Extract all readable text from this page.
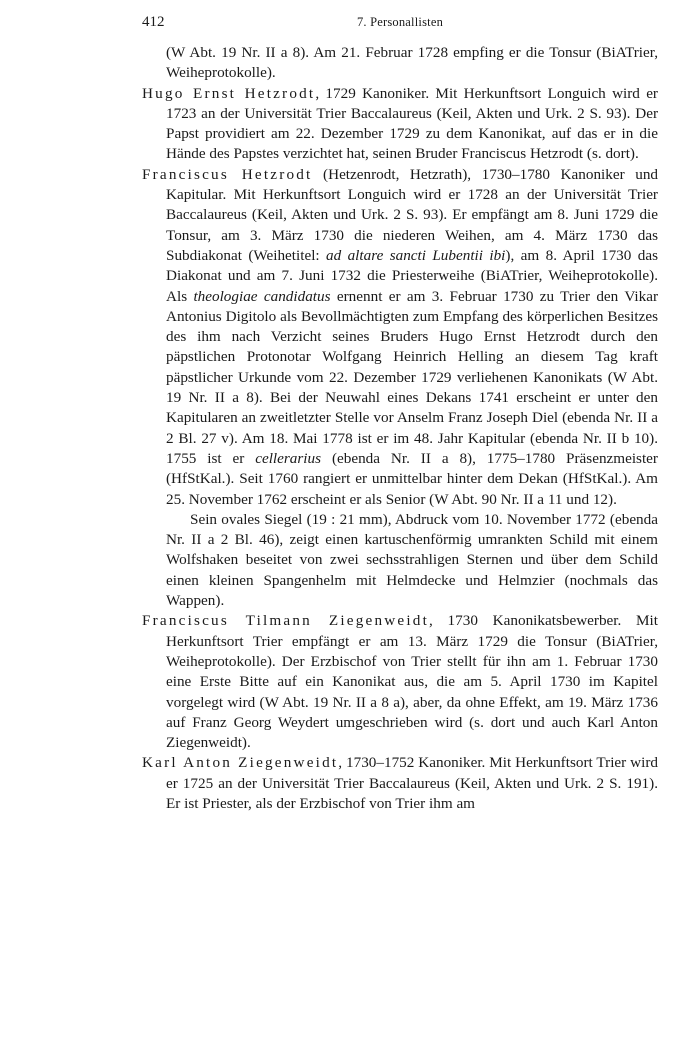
412	7. Personallisten

(W Abt. 19 Nr. II a 8). Am 21. Februar 1728 empfing er die Tonsur (BiATrier, Weiheprotokolle).

Hugo Ernst Hetzrodt, 1729 Kanoniker. Mit Herkunftsort Longuich wird er 1723 an der Universität Trier Baccalaureus (Keil, Akten und Urk. 2 S. 93). Der Papst providiert am 22. Dezember 1729 zu dem Kanonikat, auf das er in die Hände des Papstes verzichtet hat, seinen Bruder Franciscus Hetzrodt (s. dort).

Franciscus Hetzrodt (Hetzenrodt, Hetzrath), 1730–1780 Kanoniker und Kapitular. Mit Herkunftsort Longuich wird er 1728 an der Universität Trier Baccalaureus (Keil, Akten und Urk. 2 S. 93). Er empfängt am 8. Juni 1729 die Tonsur, am 3. März 1730 die niederen Weihen, am 4. März 1730 das Subdiakonat (Weihetitel: ad altare sancti Lubentii ibi), am 8. April 1730 das Diakonat und am 7. Juni 1732 die Priesterweihe (BiATrier, Weiheprotokolle). Als theologiae candidatus ernennt er am 3. Februar 1730 zu Trier den Vikar Antonius Digitolo als Bevollmächtigten zum Empfang des körperlichen Besitzes des ihm nach Verzicht seines Bruders Hugo Ernst Hetzrodt durch den päpstlichen Protonotar Wolfgang Heinrich Helling an diesem Tag kraft päpstlicher Urkunde vom 22. Dezember 1729 verliehenen Kanonikats (W Abt. 19 Nr. II a 8). Bei der Neuwahl eines Dekans 1741 erscheint er unter den Kapitularen an zweitletzter Stelle vor Anselm Franz Joseph Diel (ebenda Nr. II a 2 Bl. 27 v). Am 18. Mai 1778 ist er im 48. Jahr Kapitular (ebenda Nr. II b 10). 1755 ist er cellerarius (ebenda Nr. II a 8), 1775–1780 Präsenzmeister (HfStKal.). Seit 1760 rangiert er unmittelbar hinter dem Dekan (HfStKal.). Am 25. November 1762 erscheint er als Senior (W Abt. 90 Nr. II a 11 und 12).

Sein ovales Siegel (19 : 21 mm), Abdruck vom 10. November 1772 (ebenda Nr. II a 2 Bl. 46), zeigt einen kartuschenförmig umrankten Schild mit einem Wolfshaken beseitet von zwei sechsstrahligen Sternen und über dem Schild einen kleinen Spangenhelm mit Helmdecke und Helmzier (nochmals das Wappen).

Franciscus Tilmann Ziegenweidt, 1730 Kanonikatsbewerber. Mit Herkunftsort Trier empfängt er am 13. März 1729 die Tonsur (BiATrier, Weiheprotokolle). Der Erzbischof von Trier stellt für ihn am 1. Februar 1730 eine Erste Bitte auf ein Kanonikat aus, die am 5. April 1730 im Kapitel vorgelegt wird (W Abt. 19 Nr. II a 8 a), aber, da ohne Effekt, am 19. März 1736 auf Franz Georg Weydert umgeschrieben wird (s. dort und auch Karl Anton Ziegenweidt).

Karl Anton Ziegenweidt, 1730–1752 Kanoniker. Mit Herkunftsort Trier wird er 1725 an der Universität Trier Baccalaureus (Keil, Akten und Urk. 2 S. 191). Er ist Priester, als der Erzbischof von Trier ihm am
